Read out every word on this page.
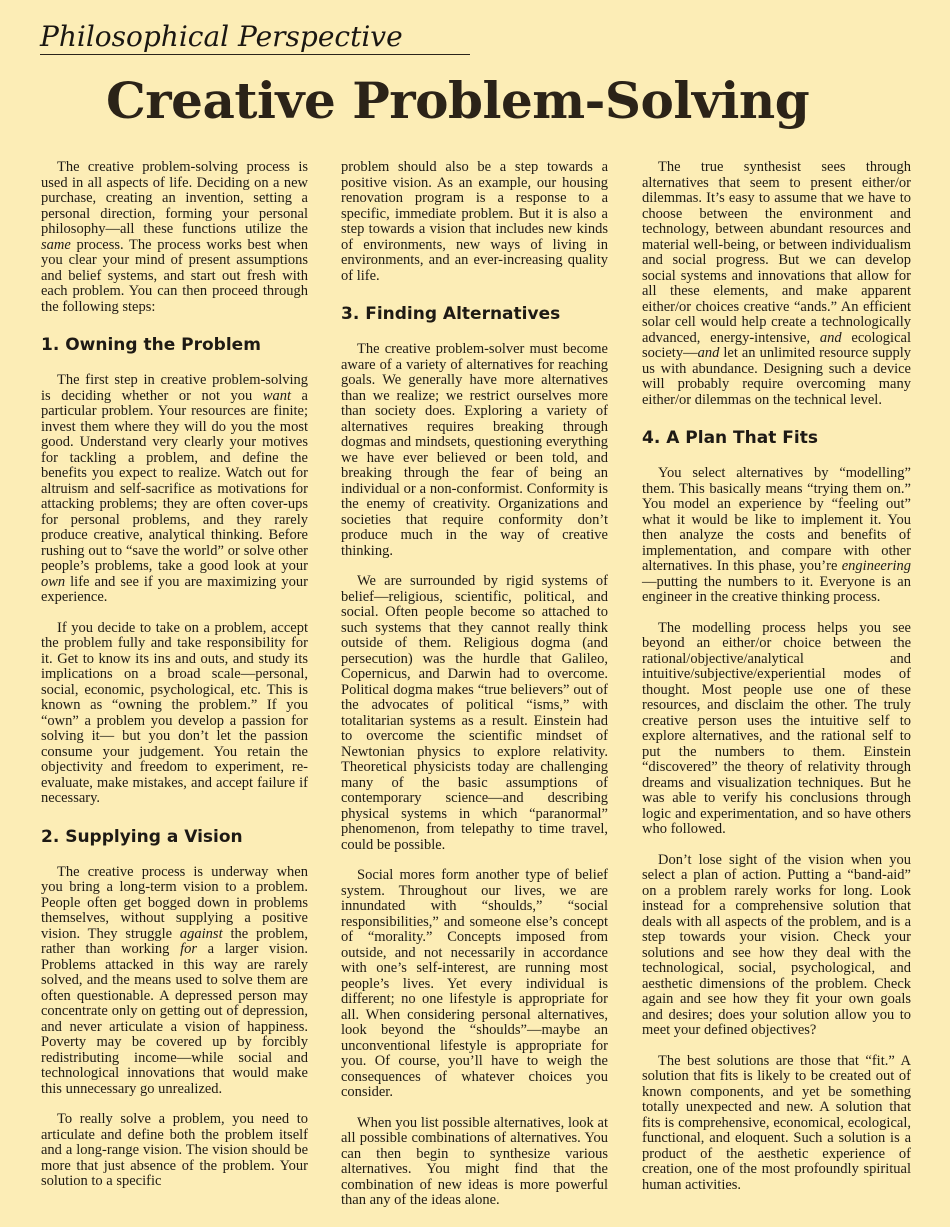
Philosophical Perspective
Creative Problem-Solving

The creative problem-solving process is used in all aspects of life. Deciding on a new purchase, creating an invention, setting a personal direction, forming your personal philosophy—all these functions utilize the same process. The process works best when you clear your mind of present assumptions and belief systems, and start out fresh with each problem. You can then proceed through the following steps:

1. Owning the Problem

The first step in creative problem-solving is deciding whether or not you want a particular problem. Your resources are finite; invest them where they will do you the most good. Understand very clearly your motives for tackling a problem, and define the benefits you expect to realize. Watch out for altruism and self-sacrifice as motivations for attacking problems; they are often cover-ups for personal problems, and they rarely produce creative, analytical thinking. Before rushing out to “save the world” or solve other people’s problems, take a good look at your own life and see if you are maximizing your experience.

If you decide to take on a problem, accept the problem fully and take responsibility for it. Get to know its ins and outs, and study its implications on a broad scale—personal, social, economic, psychological, etc. This is known as “owning the problem.” If you “own” a problem you develop a passion for solving it— but you don’t let the passion consume your judgement. You retain the objectivity and freedom to experiment, re-evaluate, make mistakes, and accept failure if necessary.

2. Supplying a Vision

The creative process is underway when you bring a long-term vision to a problem. People often get bogged down in problems themselves, without supplying a positive vision. They struggle against the problem, rather than working for a larger vision. Problems attacked in this way are rarely solved, and the means used to solve them are often questionable. A depressed person may concentrate only on getting out of depression, and never articulate a vision of happiness. Poverty may be covered up by forcibly redistributing income—while social and technological innovations that would make this unnecessary go unrealized.

To really solve a problem, you need to articulate and define both the problem itself and a long-range vision. The vision should be more that just absence of the problem. Your solution to a specific

problem should also be a step towards a positive vision. As an example, our housing renovation program is a response to a specific, immediate problem. But it is also a step towards a vision that includes new kinds of environments, new ways of living in environments, and an ever-increasing quality of life.

3. Finding Alternatives

The creative problem-solver must become aware of a variety of alternatives for reaching goals. We generally have more alternatives than we realize; we restrict ourselves more than society does. Exploring a variety of alternatives requires breaking through dogmas and mindsets, questioning everything we have ever believed or been told, and breaking through the fear of being an individual or a non-conformist. Conformity is the enemy of creativity. Organizations and societies that require conformity don’t produce much in the way of creative thinking.

We are surrounded by rigid systems of belief—religious, scientific, political, and social. Often people become so attached to such systems that they cannot really think outside of them. Religious dogma (and persecution) was the hurdle that Galileo, Copernicus, and Darwin had to overcome. Political dogma makes “true believers” out of the advocates of political “isms,” with totalitarian systems as a result. Einstein had to overcome the scientific mindset of Newtonian physics to explore relativity. Theoretical physicists today are challenging many of the basic assumptions of contemporary science—and describing physical systems in which “paranormal” phenomenon, from telepathy to time travel, could be possible.

Social mores form another type of belief system. Throughout our lives, we are innundated with “shoulds,” “social responsibilities,” and someone else’s concept of “morality.” Concepts imposed from outside, and not necessarily in accordance with one’s self-interest, are running most people’s lives. Yet every individual is different; no one lifestyle is appropriate for all. When considering personal alternatives, look beyond the “shoulds”—maybe an unconventional lifestyle is appropriate for you. Of course, you’ll have to weigh the consequences of whatever choices you consider.

When you list possible alternatives, look at all possible combinations of alternatives. You can then begin to synthesize various alternatives. You might find that the combination of new ideas is more powerful than any of the ideas alone.

The true synthesist sees through alternatives that seem to present either/or dilemmas. It’s easy to assume that we have to choose between the environment and technology, between abundant resources and material well-being, or between individualism and social progress. But we can develop social systems and innovations that allow for all these elements, and make apparent either/or choices creative “ands.” An efficient solar cell would help create a technologically advanced, energy-intensive, and ecological society—and let an unlimited resource supply us with abundance. Designing such a device will probably require overcoming many either/or dilemmas on the technical level.

4. A Plan That Fits

You select alternatives by “modelling” them. This basically means “trying them on.” You model an experience by “feeling out” what it would be like to implement it. You then analyze the costs and benefits of implementation, and compare with other alternatives. In this phase, you’re engineering—putting the numbers to it. Everyone is an engineer in the creative thinking process.

The modelling process helps you see beyond an either/or choice between the rational/objective/analytical and intuitive/subjective/experiential modes of thought. Most people use one of these resources, and disclaim the other. The truly creative person uses the intuitive self to explore alternatives, and the rational self to put the numbers to them. Einstein “discovered” the theory of relativity through dreams and visualization techniques. But he was able to verify his conclusions through logic and experimentation, and so have others who followed.

Don’t lose sight of the vision when you select a plan of action. Putting a “band-aid” on a problem rarely works for long. Look instead for a comprehensive solution that deals with all aspects of the problem, and is a step towards your vision. Check your solutions and see how they deal with the technological, social, psychological, and aesthetic dimensions of the problem. Check again and see how they fit your own goals and desires; does your solution allow you to meet your defined objectives?

The best solutions are those that “fit.” A solution that fits is likely to be created out of known components, and yet be something totally unexpected and new. A solution that fits is comprehensive, economical, ecological, functional, and eloquent. Such a solution is a product of the aesthetic experience of creation, one of the most profoundly spiritual human activities.
